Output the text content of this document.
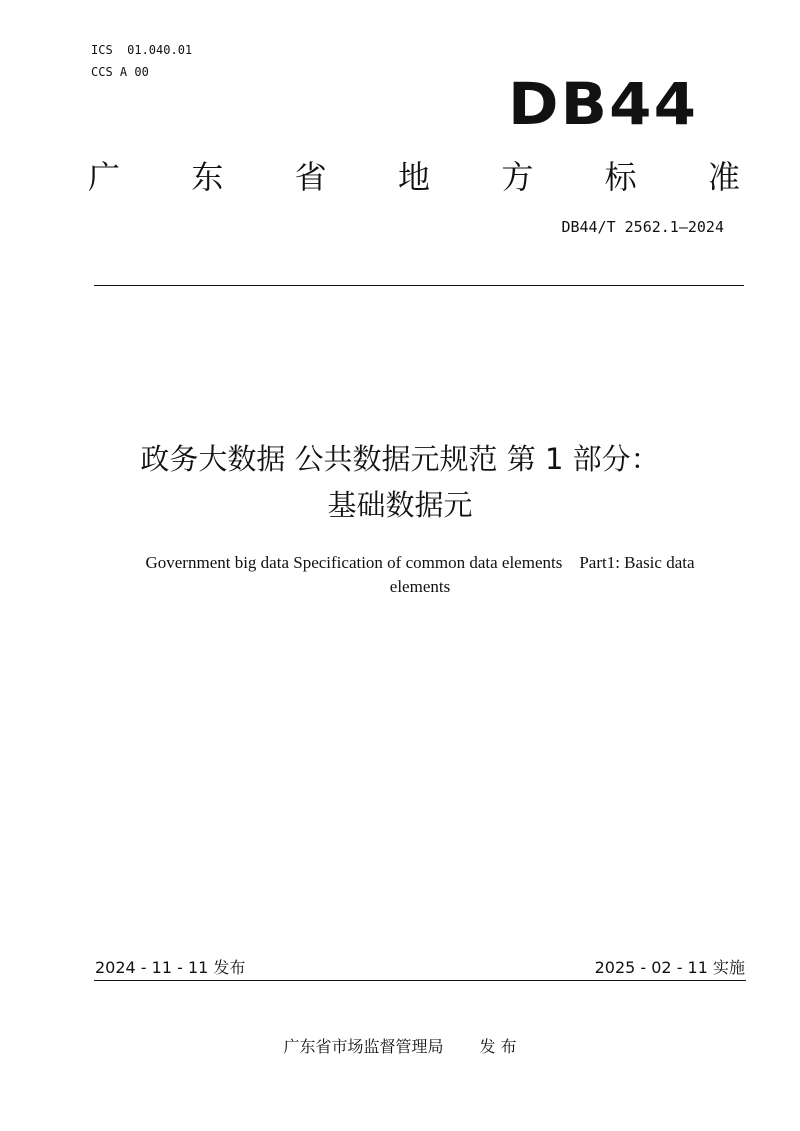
ICS  01.040.01
CCS A 00	DB44
广 东 省 地 方 标 准
DB44/T 2562.1—2024
政务大数据 公共数据元规范 第 1 部分：
基础数据元
Government big data Specification of common data elements    Part1: Basic data
elements
2024 - 11 - 11 发布	2025 - 02 - 11 实施
广东省市场监督管理局 发 布
